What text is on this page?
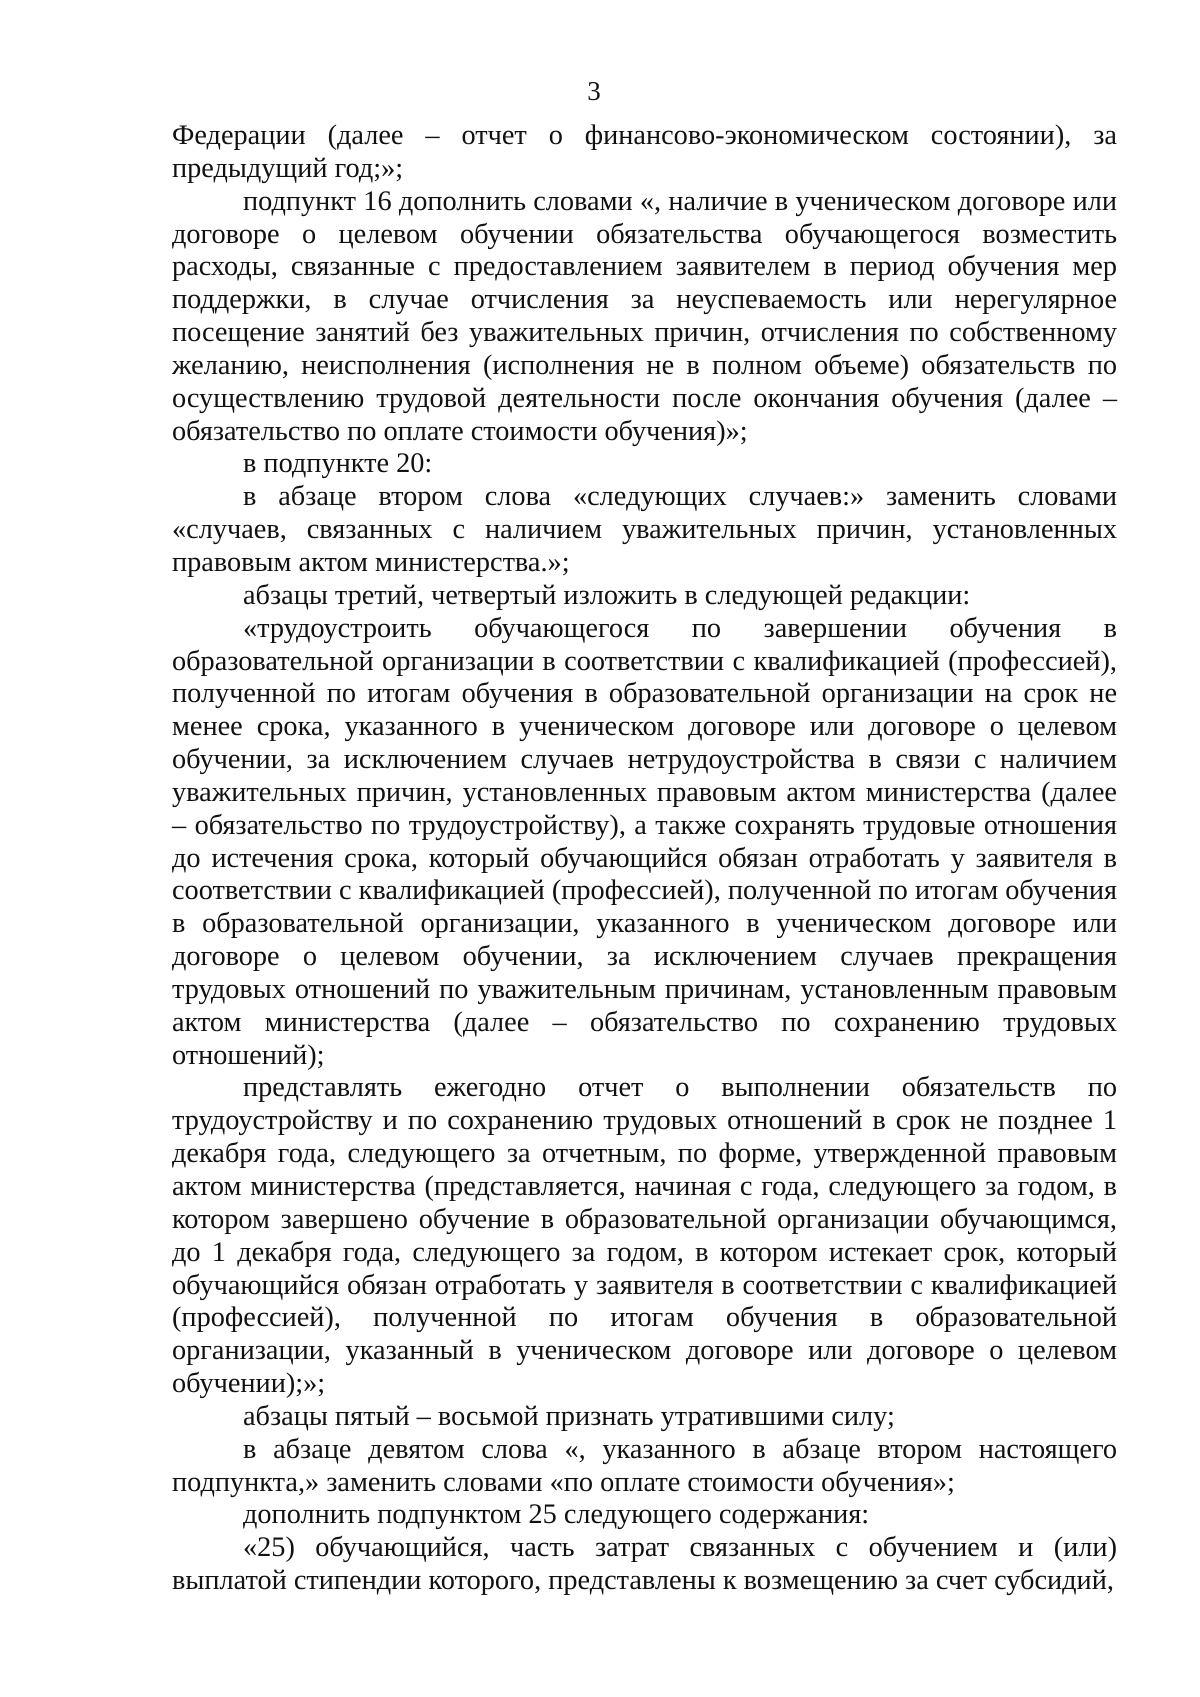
3

Федерации (далее – отчет о финансово-экономическом состоянии), за предыдущий год;»;

подпункт 16 дополнить словами «, наличие в ученическом договоре или договоре о целевом обучении обязательства обучающегося возместить расходы, связанные с предоставлением заявителем в период обучения мер поддержки, в случае отчисления за неуспеваемость или нерегулярное посещение занятий без уважительных причин, отчисления по собственному желанию, неисполнения (исполнения не в полном объеме) обязательств по осуществлению трудовой деятельности после окончания обучения (далее – обязательство по оплате стоимости обучения)»;

в подпункте 20:

в абзаце втором слова «следующих случаев:» заменить словами «случаев, связанных с наличием уважительных причин, установленных правовым актом министерства.»;

абзацы третий, четвертый изложить в следующей редакции:

«трудоустроить обучающегося по завершении обучения в образовательной организации в соответствии с квалификацией (профессией), полученной по итогам обучения в образовательной организации на срок не менее срока, указанного в ученическом договоре или договоре о целевом обучении, за исключением случаев нетрудоустройства в связи с наличием уважительных причин, установленных правовым актом министерства (далее – обязательство по трудоустройству), а также сохранять трудовые отношения до истечения срока, который обучающийся обязан отработать у заявителя в соответствии с квалификацией (профессией), полученной по итогам обучения в образовательной организации, указанного в ученическом договоре или договоре о целевом обучении, за исключением случаев прекращения трудовых отношений по уважительным причинам, установленным правовым актом министерства (далее – обязательство по сохранению трудовых отношений);

представлять ежегодно отчет о выполнении обязательств по трудоустройству и по сохранению трудовых отношений в срок не позднее 1 декабря года, следующего за отчетным, по форме, утвержденной правовым актом министерства (представляется, начиная с года, следующего за годом, в котором завершено обучение в образовательной организации обучающимся, до 1 декабря года, следующего за годом, в котором истекает срок, который обучающийся обязан отработать у заявителя в соответствии с квалификацией (профессией), полученной по итогам обучения в образовательной организации, указанный в ученическом договоре или договоре о целевом обучении);»;

абзацы пятый – восьмой признать утратившими силу;

в абзаце девятом слова «, указанного в абзаце втором настоящего подпункта,» заменить словами «по оплате стоимости обучения»;

дополнить подпунктом 25 следующего содержания:

«25) обучающийся, часть затрат связанных с обучением и (или) выплатой стипендии которого, представлены к возмещению за счет субсидий,
